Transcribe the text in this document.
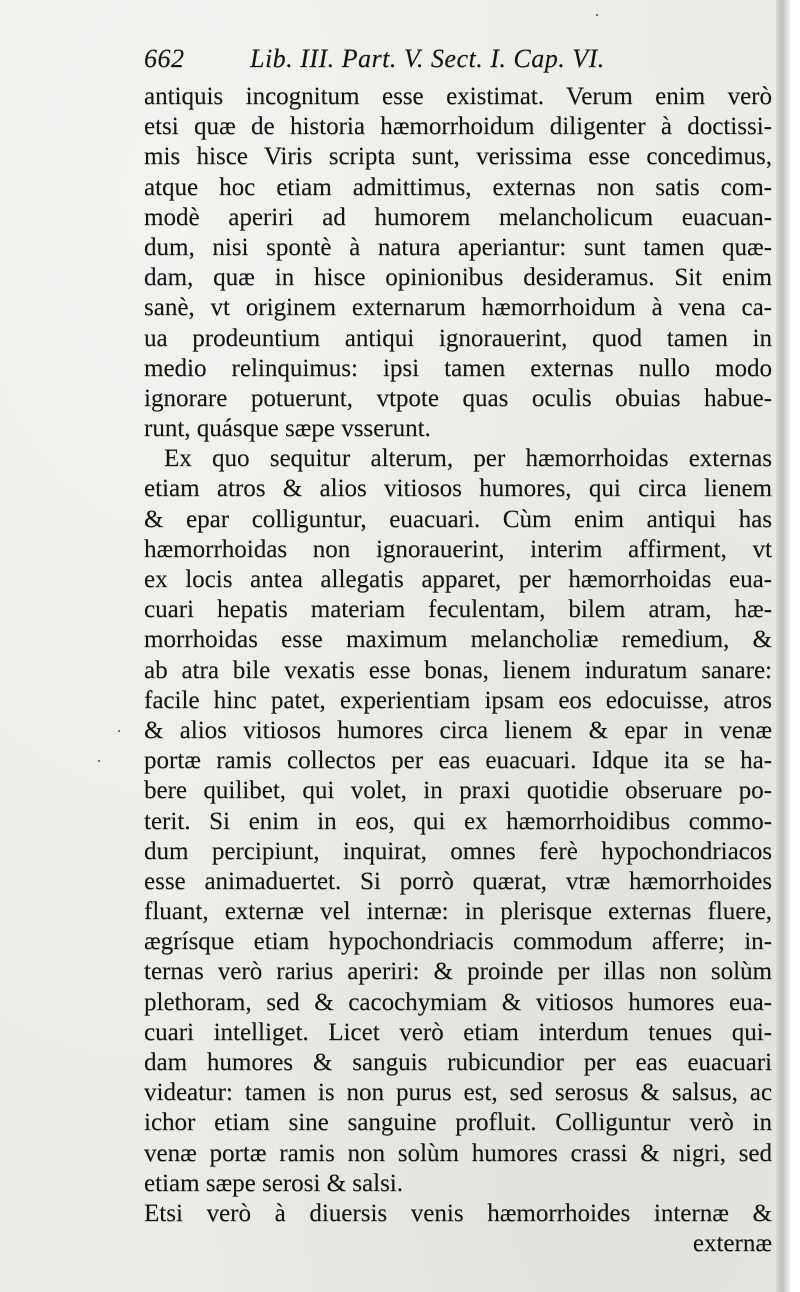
662	Lib. III. Part. V. Sect. I. Cap. VI.
antiquis incognitum esse existimat. Verum enim verò
etsi quæ de historia hæmorrhoidum diligenter à doctissi-
mis hisce Viris scripta sunt, verissima esse concedimus,
atque hoc etiam admittimus, externas non satis com-
modè aperiri ad humorem melancholicum euacuan-
dum, nisi spontè à natura aperiantur: sunt tamen quæ-
dam, quæ in hisce opinionibus desideramus. Sit enim
sanè, vt originem externarum hæmorrhoidum à vena ca-
ua prodeuntium antiqui ignorauerint, quod tamen in
medio relinquimus: ipsi tamen externas nullo modo
ignorare potuerunt, vtpote quas oculis obuias habue-
runt, quásque sæpe vsserunt.
Ex quo sequitur alterum, per hæmorrhoidas externas
etiam atros & alios vitiosos humores, qui circa lienem
& epar colliguntur, euacuari. Cùm enim antiqui has
hæmorrhoidas non ignorauerint, interim affirment, vt
ex locis antea allegatis apparet, per hæmorrhoidas eua-
cuari hepatis materiam feculentam, bilem atram, hæ-
morrhoidas esse maximum melancholiæ remedium, &
ab atra bile vexatis esse bonas, lienem induratum sanare:
facile hinc patet, experientiam ipsam eos edocuisse, atros
& alios vitiosos humores circa lienem & epar in venæ
portæ ramis collectos per eas euacuari. Idque ita se ha-
bere quilibet, qui volet, in praxi quotidie obseruare po-
terit. Si enim in eos, qui ex hæmorrhoidibus commo-
dum percipiunt, inquirat, omnes ferè hypochondriacos
esse animaduertet. Si porrò quærat, vtræ hæmorrhoides
fluant, externæ vel internæ: in plerisque externas fluere,
ægrísque etiam hypochondriacis commodum afferre; in-
ternas verò rarius aperiri: & proinde per illas non solùm
plethoram, sed & cacochymiam & vitiosos humores eua-
cuari intelliget. Licet verò etiam interdum tenues qui-
dam humores & sanguis rubicundior per eas euacuari
videatur: tamen is non purus est, sed serosus & salsus, ac
ichor etiam sine sanguine profluit. Colliguntur verò in
venæ portæ ramis non solùm humores crassi & nigri, sed
etiam sæpe serosi & salsi.
Etsi verò à diuersis venis hæmorrhoides internæ &
externæ
